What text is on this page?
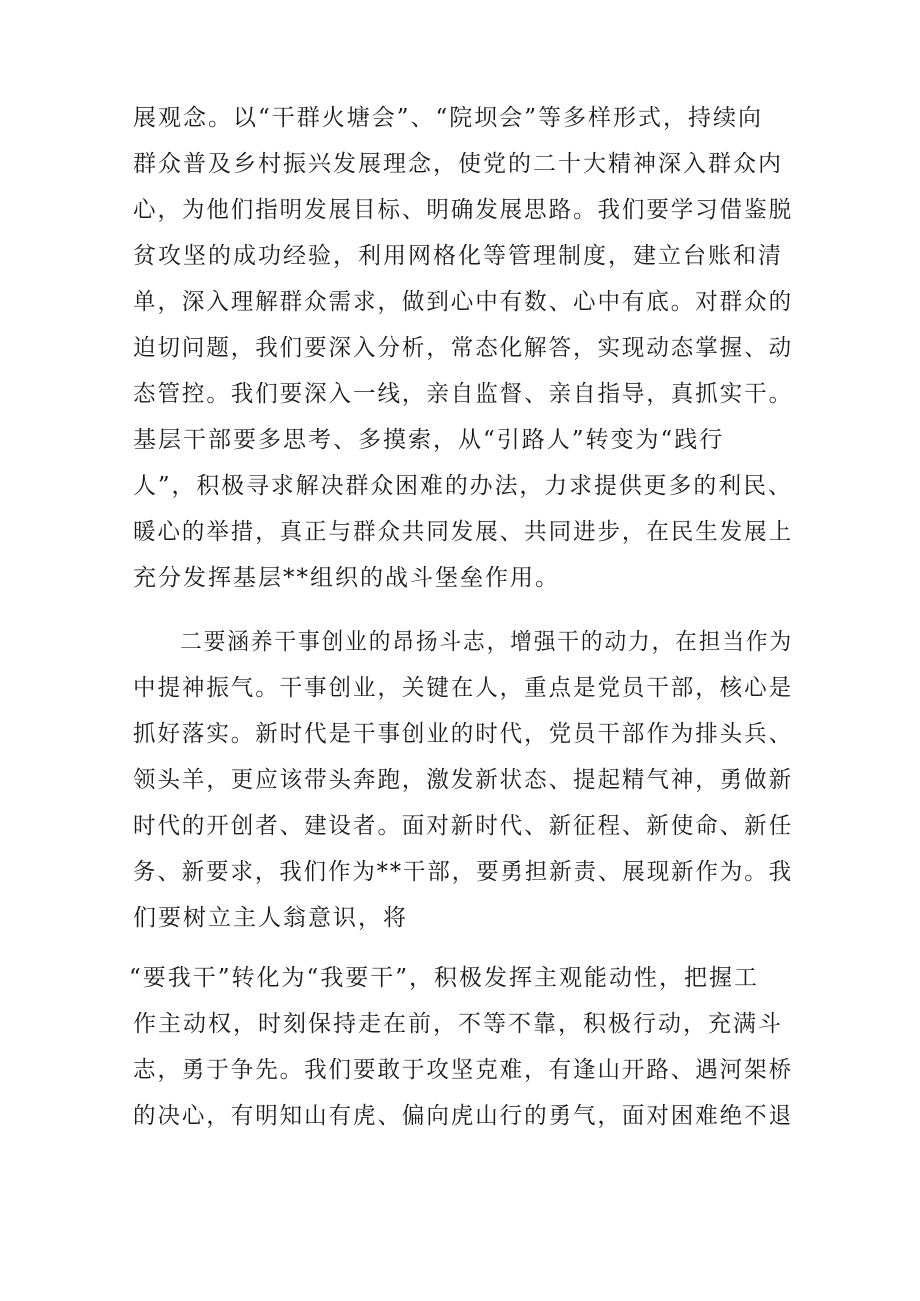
展观念。以“干群火塘会”、“院坝会”等多样形式，持续向
群众普及乡村振兴发展理念，使党的二十大精神深入群众内
心，为他们指明发展目标、明确发展思路。我们要学习借鉴脱
贫攻坚的成功经验，利用网格化等管理制度，建立台账和清
单，深入理解群众需求，做到心中有数、心中有底。对群众的
迫切问题，我们要深入分析，常态化解答，实现动态掌握、动
态管控。我们要深入一线，亲自监督、亲自指导，真抓实干。
基层干部要多思考、多摸索，从“引路人”转变为“践行
人”，积极寻求解决群众困难的办法，力求提供更多的利民、
暖心的举措，真正与群众共同发展、共同进步，在民生发展上
充分发挥基层**组织的战斗堡垒作用。
　　二要涵养干事创业的昂扬斗志，增强干的动力，在担当作为
中提神振气。干事创业，关键在人，重点是党员干部，核心是
抓好落实。新时代是干事创业的时代，党员干部作为排头兵、
领头羊，更应该带头奔跑，激发新状态、提起精气神，勇做新
时代的开创者、建设者。面对新时代、新征程、新使命、新任
务、新要求，我们作为**干部，要勇担新责、展现新作为。我
们要树立主人翁意识，将
“要我干”转化为“我要干”，积极发挥主观能动性，把握工
作主动权，时刻保持走在前，不等不靠，积极行动，充满斗
志，勇于争先。我们要敢于攻坚克难，有逢山开路、遇河架桥
的决心，有明知山有虎、偏向虎山行的勇气，面对困难绝不退
